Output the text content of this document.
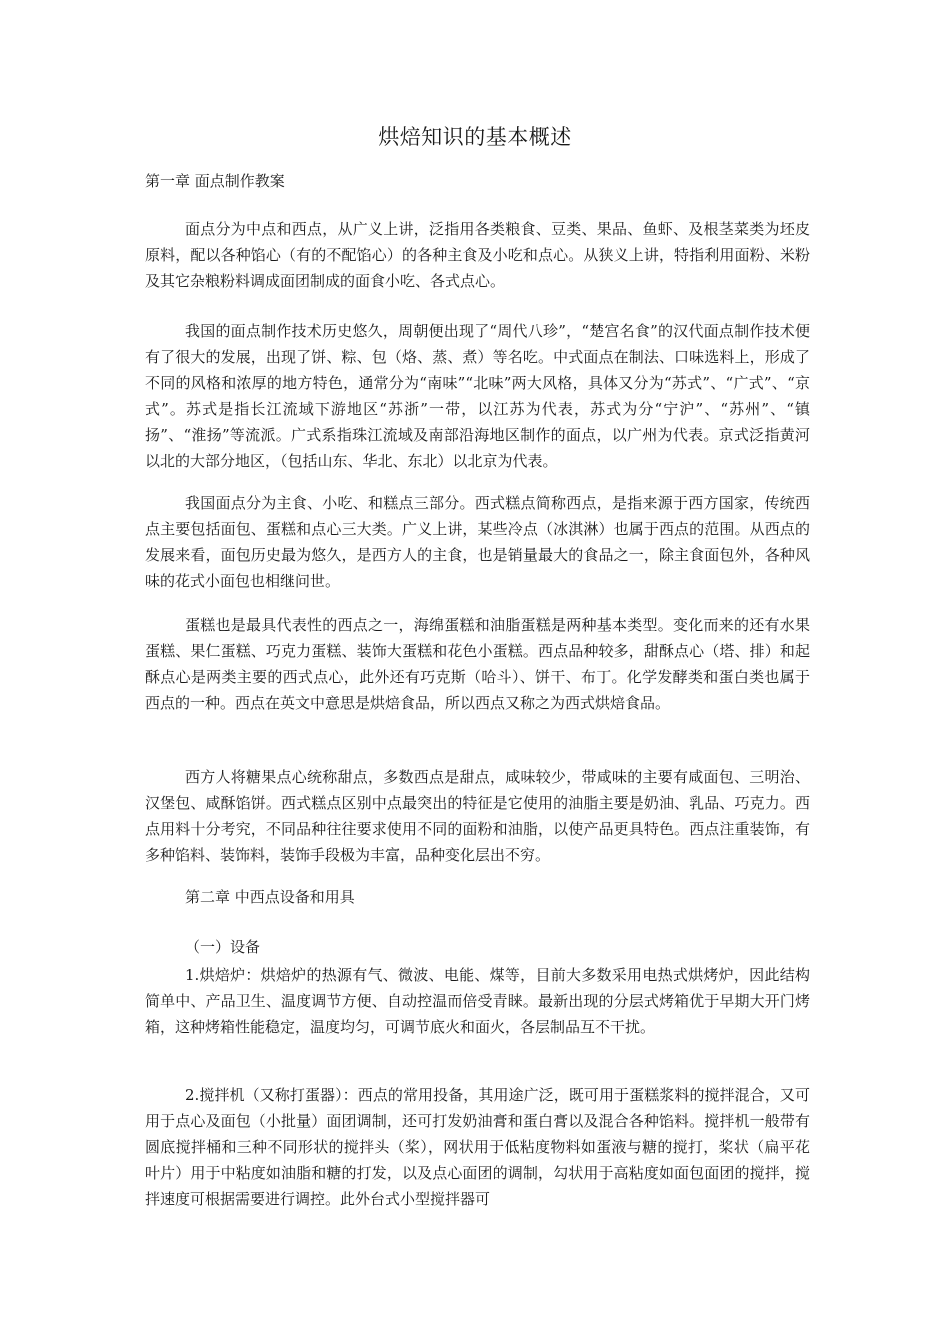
烘焙知识的基本概述
第一章 面点制作教案

面点分为中点和西点，从广义上讲，泛指用各类粮食、豆类、果品、鱼虾、及根茎菜类为坯皮原料，配以各种馅心（有的不配馅心）的各种主食及小吃和点心。从狭义上讲，特指利用面粉、米粉及其它杂粮粉料调成面团制成的面食小吃、各式点心。

我国的面点制作技术历史悠久，周朝便出现了“周代八珍”，“楚宫名食”的汉代面点制作技术便有了很大的发展，出现了饼、粽、包（烙、蒸、煮）等名吃。中式面点在制法、口味选料上，形成了不同的风格和浓厚的地方特色，通常分为“南味”“北味”两大风格，具体又分为“苏式”、“广式”、“京式”。苏式是指长江流域下游地区“苏浙”一带，以江苏为代表，苏式为分“宁沪”、“苏州”、“镇扬”、“淮扬”等流派。广式系指珠江流域及南部沿海地区制作的面点，以广州为代表。京式泛指黄河以北的大部分地区，（包括山东、华北、东北）以北京为代表。

我国面点分为主食、小吃、和糕点三部分。西式糕点简称西点，是指来源于西方国家，传统西点主要包括面包、蛋糕和点心三大类。广义上讲，某些冷点（冰淇淋）也属于西点的范围。从西点的发展来看，面包历史最为悠久，是西方人的主食，也是销量最大的食品之一，除主食面包外，各种风味的花式小面包也相继问世。

蛋糕也是最具代表性的西点之一，海绵蛋糕和油脂蛋糕是两种基本类型。变化而来的还有水果蛋糕、果仁蛋糕、巧克力蛋糕、装饰大蛋糕和花色小蛋糕。西点品种较多，甜酥点心（塔、排）和起酥点心是两类主要的西式点心，此外还有巧克斯（哈斗）、饼干、布丁。化学发酵类和蛋白类也属于西点的一种。西点在英文中意思是烘焙食品，所以西点又称之为西式烘焙食品。

西方人将糖果点心统称甜点，多数西点是甜点，咸味较少，带咸味的主要有咸面包、三明治、汉堡包、咸酥馅饼。西式糕点区别中点最突出的特征是它使用的油脂主要是奶油、乳品、巧克力。西点用料十分考究，不同品种往往要求使用不同的面粉和油脂，以使产品更具特色。西点注重装饰，有多种馅料、装饰料，装饰手段极为丰富，品种变化层出不穷。

第二章 中西点设备和用具
（一）设备

1.烘焙炉：烘焙炉的热源有气、微波、电能、煤等，目前大多数采用电热式烘烤炉，因此结构简单中、产品卫生、温度调节方便、自动控温而倍受青睐。最新出现的分层式烤箱优于早期大开门烤箱，这种烤箱性能稳定，温度均匀，可调节底火和面火，各层制品互不干扰。

2.搅拌机（又称打蛋器）：西点的常用投备，其用途广泛，既可用于蛋糕浆料的搅拌混合，又可用于点心及面包（小批量）面团调制，还可打发奶油膏和蛋白膏以及混合各种馅料。搅拌机一般带有圆底搅拌桶和三种不同形状的搅拌头（桨），网状用于低粘度物料如蛋液与糖的搅打，桨状（扁平花叶片）用于中粘度如油脂和糖的打发，以及点心面团的调制，勾状用于高粘度如面包面团的搅拌，搅拌速度可根据需要进行调控。此外台式小型搅拌器可
